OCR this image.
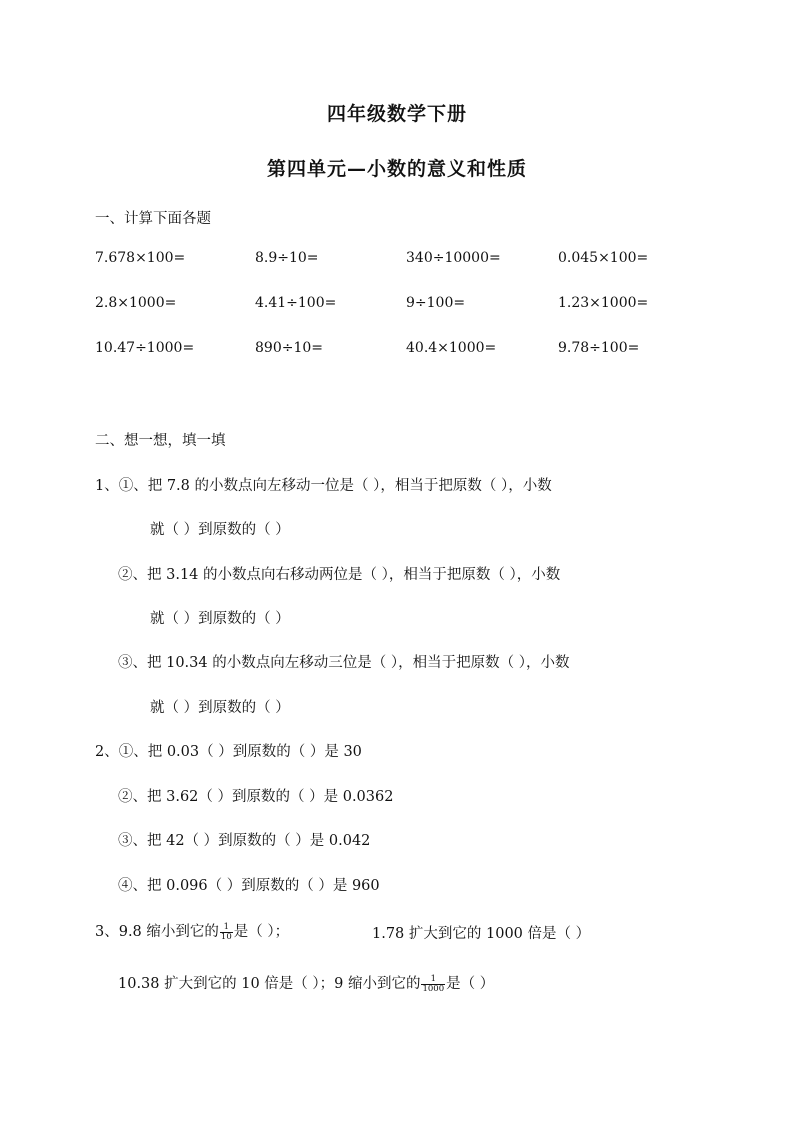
四年级数学下册
第四单元—小数的意义和性质
一、计算下面各题
7.678×100=	8.9÷10=	340÷10000=	0.045×100=
2.8×1000=	4.41÷100=	9÷100=	1.23×1000=
10.47÷1000=	890÷10=	40.4×1000=	9.78÷100=
二、想一想，填一填
1、①、把 7.8 的小数点向左移动一位是（ ），相当于把原数（ ），小数
就（ ）到原数的（ ）
②、把 3.14 的小数点向右移动两位是（ ），相当于把原数（ ），小数
就（ ）到原数的（ ）
③、把 10.34 的小数点向左移动三位是（ ），相当于把原数（ ），小数
就（ ）到原数的（ ）
2、①、把 0.03（ ）到原数的（ ）是 30
②、把 3.62（ ）到原数的（ ）是 0.0362
③、把 42（ ）到原数的（ ）是 0.042
④、把 0.096（ ）到原数的（ ）是 960
3、9.8 缩小到它的 $\frac{1}{10}$ 是（ ）；	1.78 扩大到它的 1000 倍是（ ）
10.38 扩大到它的 10 倍是（ ）；9 缩小到它的 $\frac{1}{1000}$ 是（ ）
